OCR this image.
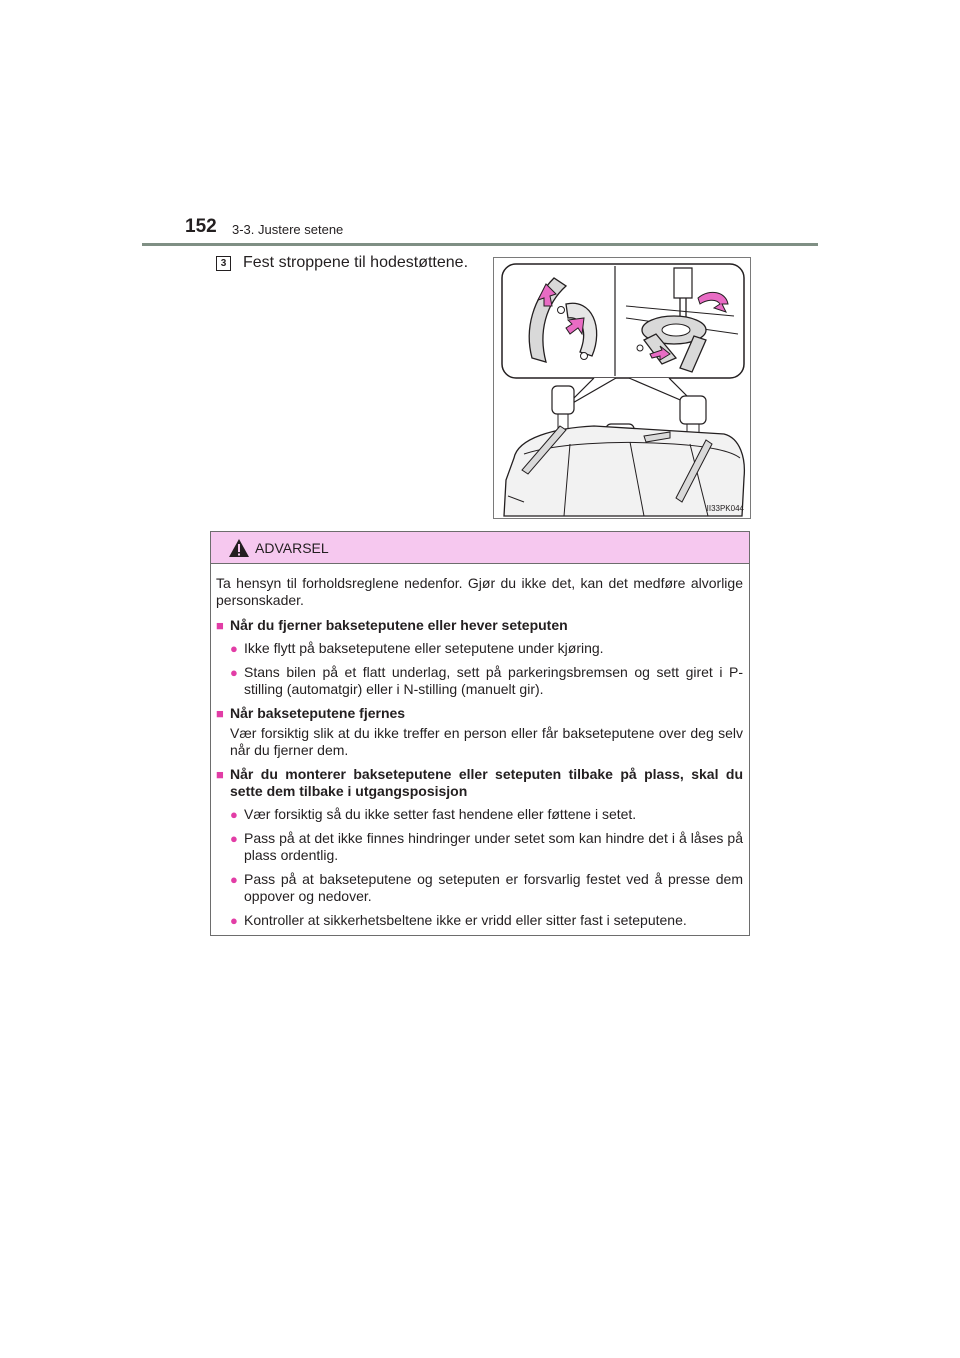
152 3-3. Justere setene
3 Fest stroppene til hodestøttene.
II33PK044
ADVARSEL

Ta hensyn til forholdsreglene nedenfor. Gjør du ikke det, kan det medføre alvorlige personskader.

■ Når du fjerner bakseteputene eller hever seteputen
● Ikke flytt på bakseteputene eller seteputene under kjøring.
● Stans bilen på et flatt underlag, sett på parkeringsbremsen og sett giret i P-stilling (automatgir) eller i N-stilling (manuelt gir).
■ Når bakseteputene fjernes

Vær forsiktig slik at du ikke treffer en person eller får bakseteputene over deg selv når du fjerner dem.

■ Når du monterer bakseteputene eller seteputen tilbake på plass, skal du sette dem tilbake i utgangsposisjon
● Vær forsiktig så du ikke setter fast hendene eller føttene i setet.
● Pass på at det ikke finnes hindringer under setet som kan hindre det i å låses på plass ordentlig.
● Pass på at bakseteputene og seteputen er forsvarlig festet ved å presse dem oppover og nedover.
● Kontroller at sikkerhetsbeltene ikke er vridd eller sitter fast i seteputene.
